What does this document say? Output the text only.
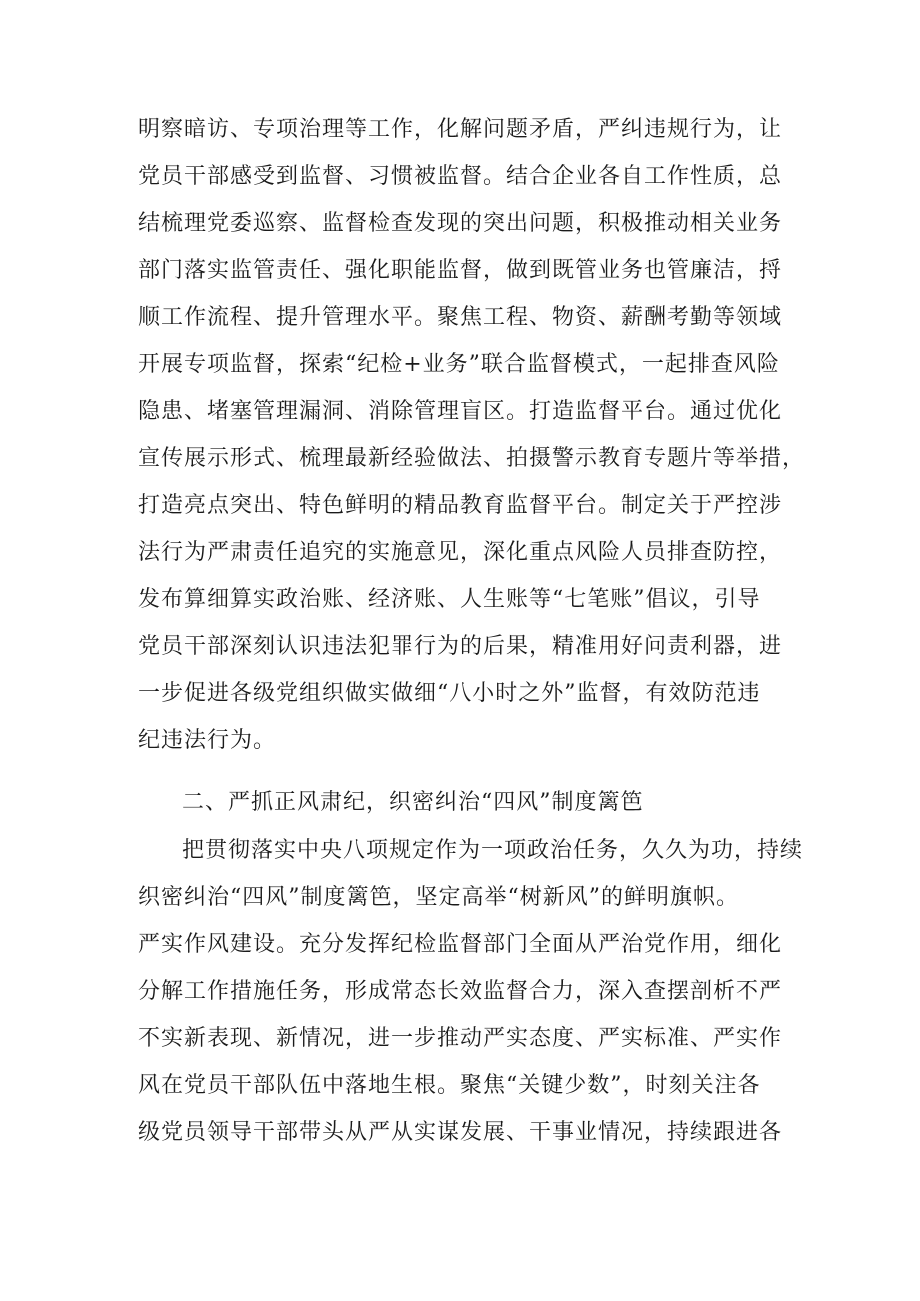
明察暗访、专项治理等工作，化解问题矛盾，严纠违规行为，让
党员干部感受到监督、习惯被监督。结合企业各自工作性质，总
结梳理党委巡察、监督检查发现的突出问题，积极推动相关业务
部门落实监管责任、强化职能监督，做到既管业务也管廉洁，捋
顺工作流程、提升管理水平。聚焦工程、物资、薪酬考勤等领域
开展专项监督，探索“纪检+业务”联合监督模式，一起排查风险
隐患、堵塞管理漏洞、消除管理盲区。打造监督平台。通过优化
宣传展示形式、梳理最新经验做法、拍摄警示教育专题片等举措，
打造亮点突出、特色鲜明的精品教育监督平台。制定关于严控涉
法行为严肃责任追究的实施意见，深化重点风险人员排查防控，
发布算细算实政治账、经济账、人生账等“七笔账”倡议，引导
党员干部深刻认识违法犯罪行为的后果，精准用好问责利器，进
一步促进各级党组织做实做细“八小时之外”监督，有效防范违
纪违法行为。
二、严抓正风肃纪，织密纠治“四风”制度篱笆
把贯彻落实中央八项规定作为一项政治任务，久久为功，持续
织密纠治“四风”制度篱笆，坚定高举“树新风”的鲜明旗帜。
严实作风建设。充分发挥纪检监督部门全面从严治党作用，细化
分解工作措施任务，形成常态长效监督合力，深入查摆剖析不严
不实新表现、新情况，进一步推动严实态度、严实标准、严实作
风在党员干部队伍中落地生根。聚焦“关键少数”，时刻关注各
级党员领导干部带头从严从实谋发展、干事业情况，持续跟进各
